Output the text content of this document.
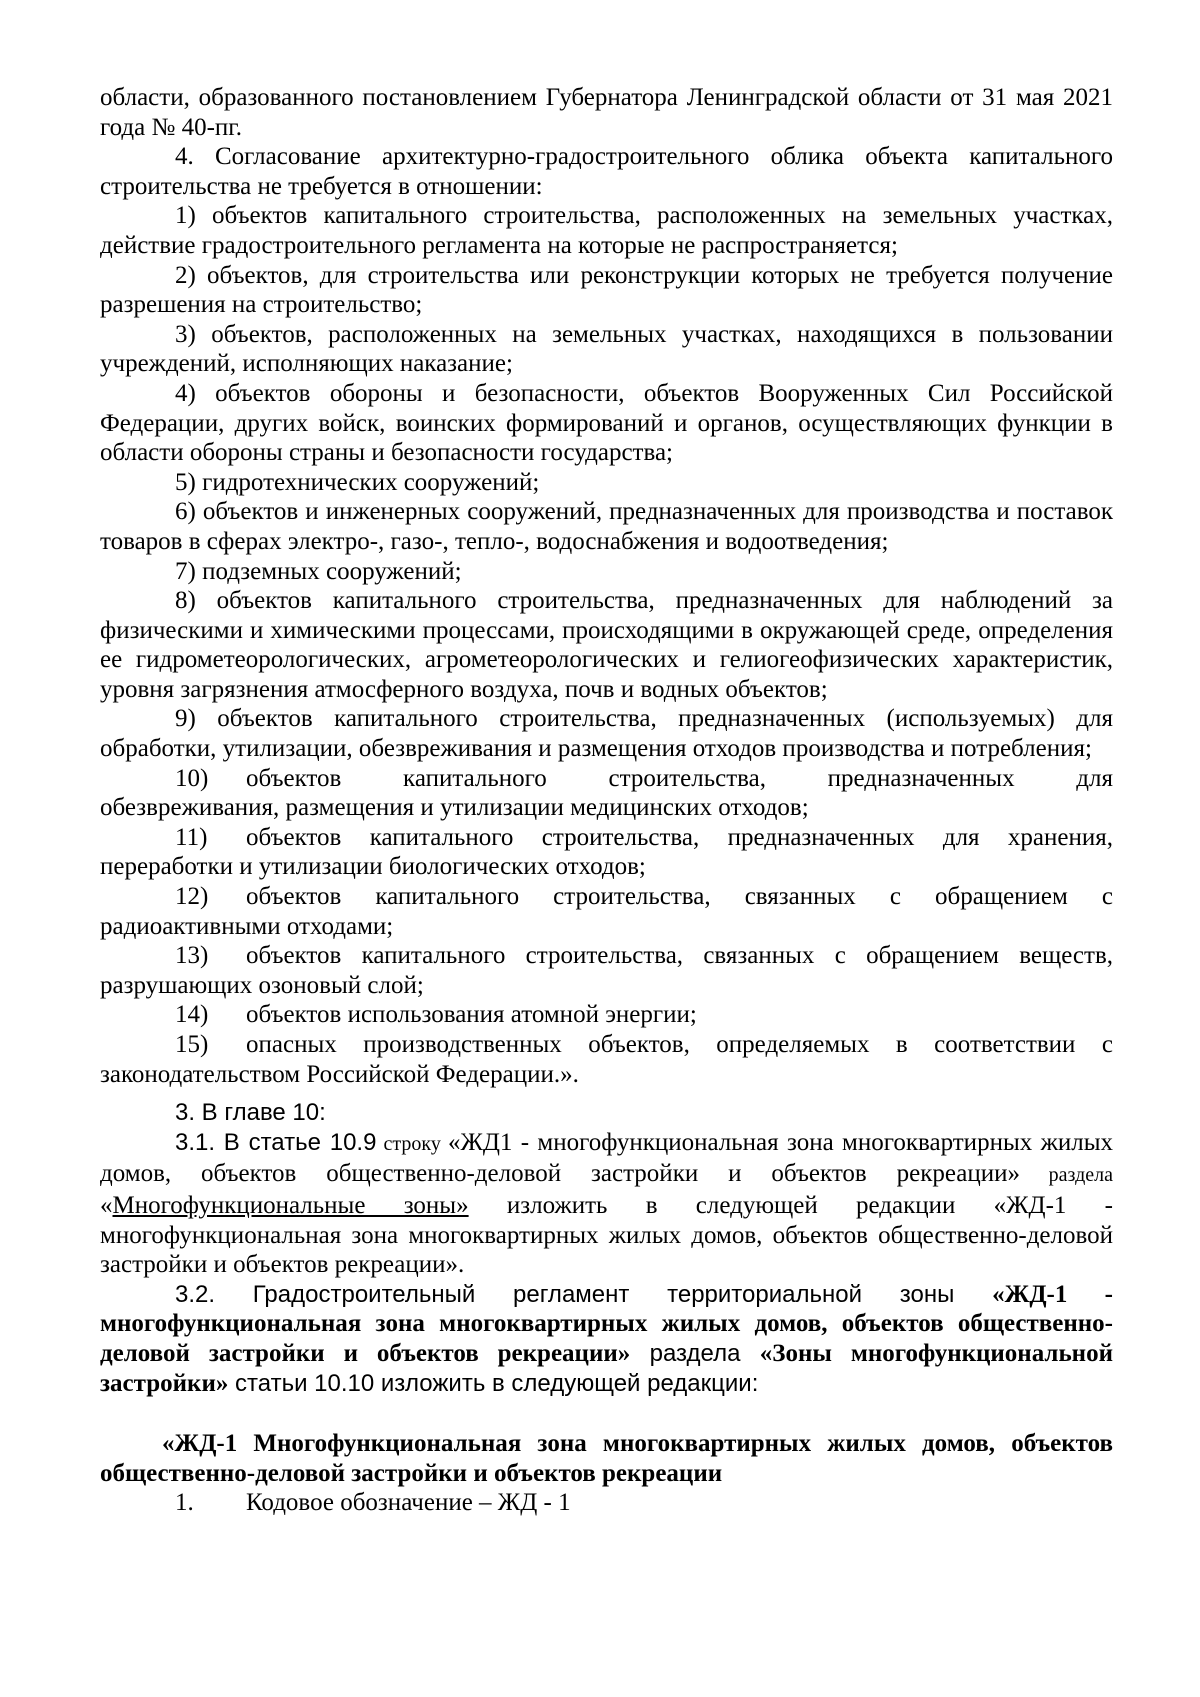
области, образованного постановлением Губернатора Ленинградской области от 31 мая 2021 года № 40-пг.

4. Согласование архитектурно-градостроительного облика объекта капитального строительства не требуется в отношении:

1) объектов капитального строительства, расположенных на земельных участках, действие градостроительного регламента на которые не распространяется;

2) объектов, для строительства или реконструкции которых не требуется получение разрешения на строительство;

3) объектов, расположенных на земельных участках, находящихся в пользовании учреждений, исполняющих наказание;

4) объектов обороны и безопасности, объектов Вооруженных Сил Российской Федерации, других войск, воинских формирований и органов, осуществляющих функции в области обороны страны и безопасности государства;

5) гидротехнических сооружений;

6) объектов и инженерных сооружений, предназначенных для производства и поставок товаров в сферах электро-, газо-, тепло-, водоснабжения и водоотведения;

7) подземных сооружений;

8) объектов капитального строительства, предназначенных для наблюдений за физическими и химическими процессами, происходящими в окружающей среде, определения ее гидрометеорологических, агрометеорологических и гелиогеофизических характеристик, уровня загрязнения атмосферного воздуха, почв и водных объектов;

9) объектов капитального строительства, предназначенных (используемых) для обработки, утилизации, обезвреживания и размещения отходов производства и потребления;

10)	объектов капитального строительства, предназначенных для

обезвреживания, размещения и утилизации медицинских отходов;

11)	объектов капитального строительства, предназначенных для хранения,

переработки и утилизации биологических отходов;

12)	объектов капитального строительства, связанных с обращением с

радиоактивными отходами;

13)	объектов капитального строительства, связанных с обращением веществ,

разрушающих озоновый слой;

14)	объектов использования атомной энергии;
15)	опасных производственных объектов, определяемых в соответствии с

законодательством Российской Федерации.».

3. В главе 10:

3.1. В статье 10.9 строку «ЖД1 - многофункциональная зона многоквартирных жилых домов, объектов общественно-деловой застройки и объектов рекреации» раздела «Многофункциональные зоны» изложить в следующей редакции «ЖД-1 - многофункциональная зона многоквартирных жилых домов, объектов общественно-деловой застройки и объектов рекреации».

3.2. Градостроительный регламент территориальной зоны «ЖД-1 - многофункциональная зона многоквартирных жилых домов, объектов общественно-деловой застройки и объектов рекреации» раздела «Зоны многофункциональной застройки» статьи 10.10 изложить в следующей редакции:

«ЖД-1 Многофункциональная зона многоквартирных жилых домов, объектов общественно-деловой застройки и объектов рекреации

1.	Кодовое обозначение – ЖД - 1
